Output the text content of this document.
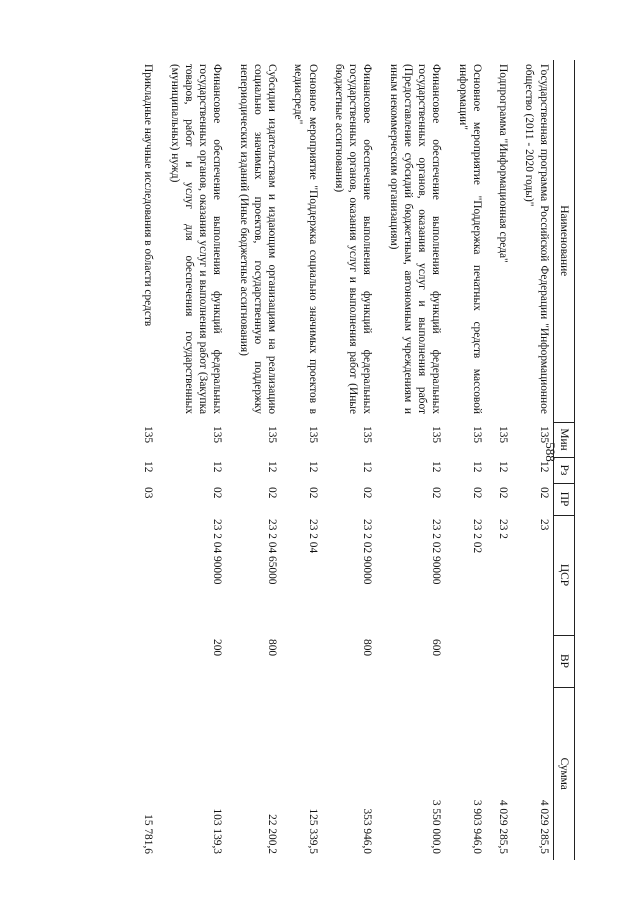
588
Наименование	Мин	Рз	ПР	ЦСР	ВР	Сумма
Государственная программа Российской Федерации "Информационное общество (2011 - 2020 годы)"	135	12	02	23		4 029 285,5
Подпрограмма "Информационная среда"	135	12	02	23 2		4 029 285,5
Основное мероприятие "Поддержка печатных средств массовой информации"	135	12	02	23 2 02		3 903 946,0
Финансовое обеспечение выполнения функций федеральных государственных органов, оказания услуг и выполнения работ (Предоставление субсидий бюджетным, автономным учреждениям и иным некоммерческим организациям)	135	12	02	23 2 02 90000	600	3 550 000,0
Финансовое обеспечение выполнения функций федеральных государственных органов, оказания услуг и выполнения работ (Иные бюджетные ассигнования)	135	12	02	23 2 02 90000	800	353 946,0
Основное мероприятие "Поддержка социально значимых проектов в медиасреде"	135	12	02	23 2 04		125 339,5
Субсидии издательствам и издающим организациям на реализацию социально значимых проектов, государственную поддержку непериодических изданий (Иные бюджетные ассигнования)	135	12	02	23 2 04 65000	800	22 200,2
Финансовое обеспечение выполнения функций федеральных государственных органов, оказания услуг и выполнения работ (Закупка товаров, работ и услуг для обеспечения государственных (муниципальных) нужд)	135	12	02	23 2 04 90000	200	103 139,3
Прикладные научные исследования в области средств	135	12	03			15 781,6
